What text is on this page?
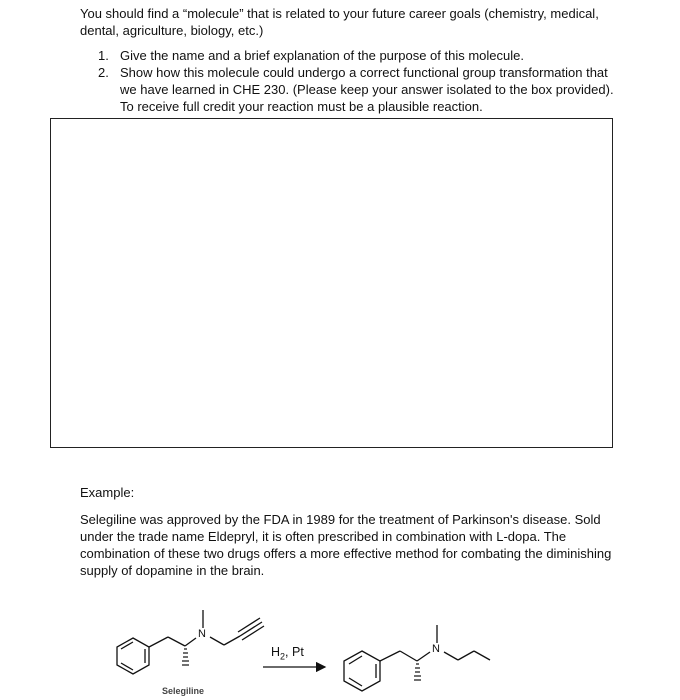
You should find a “molecule” that is related to your future career goals (chemistry, medical, dental, agriculture, biology, etc.)
1. Give the name and a brief explanation of the purpose of this molecule.
2. Show how this molecule could undergo a correct functional group transformation that we have learned in CHE 230. (Please keep your answer isolated to the box provided). To receive full credit your reaction must be a plausible reaction.
Example:
Selegiline was approved by the FDA in 1989 for the treatment of Parkinson's disease. Sold under the trade name Eldepryl, it is often prescribed in combination with L-dopa. The combination of these two drugs offers a more effective method for combating the diminishing supply of dopamine in the brain.
N
N
$H_2$, Pt
Selegiline
